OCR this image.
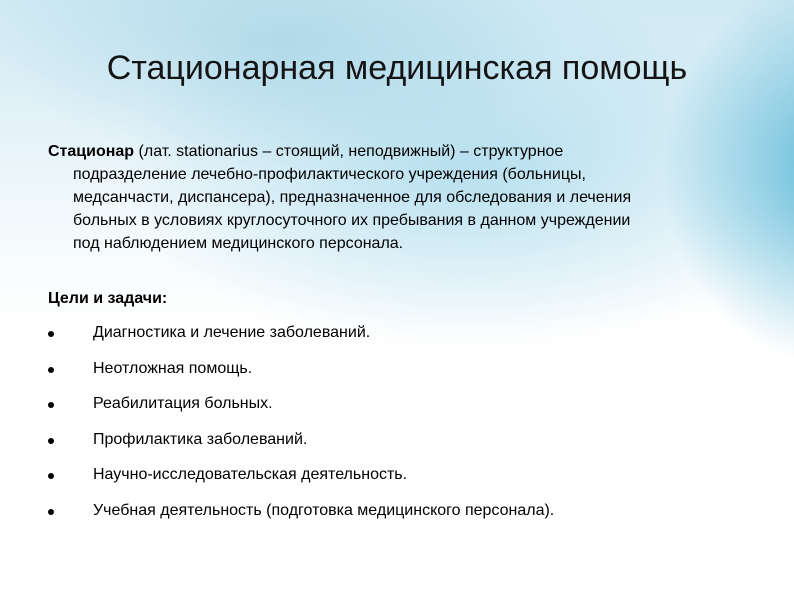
Стационарная медицинская помощь
Стационар (лат. stationarius – стоящий, неподвижный) – структурное
подразделение лечебно-профилактического учреждения (больницы,
медсанчасти, диспансера), предназначенное для обследования и лечения
больных в условиях круглосуточного их пребывания в данном учреждении
под наблюдением медицинского персонала.
Цели и задачи:
Диагностика и лечение заболеваний.
Неотложная помощь.
Реабилитация больных.
Профилактика заболеваний.
Научно-исследовательская деятельность.
Учебная деятельность (подготовка медицинского персонала).
